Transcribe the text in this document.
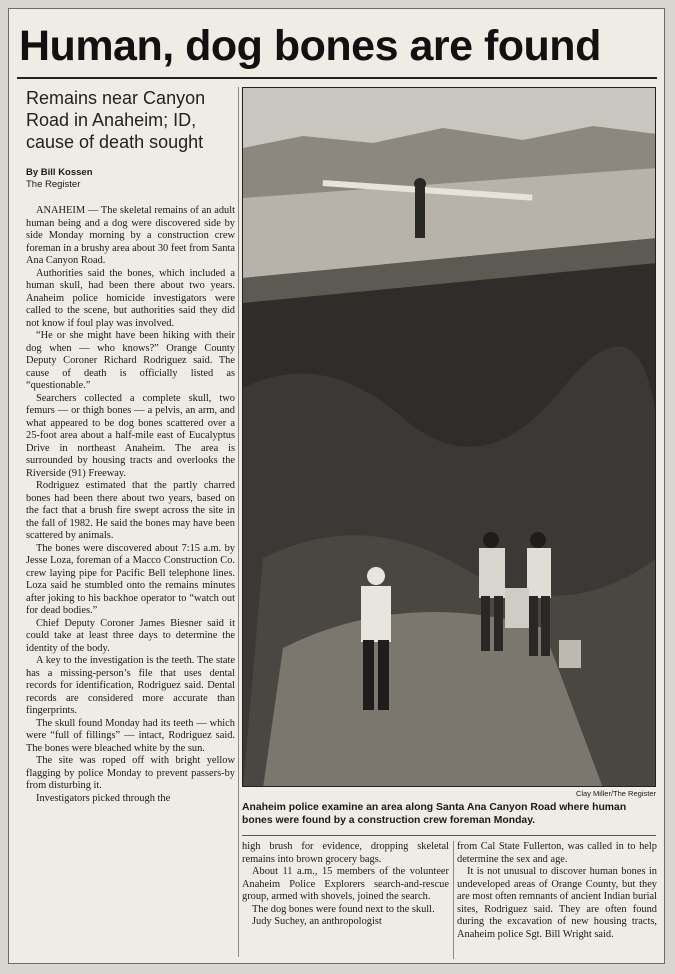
Human, dog bones are found
Remains near Canyon Road in Anaheim; ID, cause of death sought
By Bill Kossen
The Register

ANAHEIM — The skeletal remains of an adult human being and a dog were discovered side by side Monday morning by a construction crew foreman in a brushy area about 30 feet from Santa Ana Canyon Road.

Authorities said the bones, which included a human skull, had been there about two years. Anaheim police homicide investigators were called to the scene, but authorities said they did not know if foul play was involved.

“He or she might have been hiking with their dog when — who knows?” Orange County Deputy Coroner Richard Rodriguez said. The cause of death is officially listed as “questionable.”

Searchers collected a complete skull, two femurs — or thigh bones — a pelvis, an arm, and what appeared to be dog bones scattered over a 25-foot area about a half-mile east of Eucalyptus Drive in northeast Anaheim. The area is surrounded by housing tracts and overlooks the Riverside (91) Freeway.

Rodriguez estimated that the partly charred bones had been there about two years, based on the fact that a brush fire swept across the site in the fall of 1982. He said the bones may have been scattered by animals.

The bones were discovered about 7:15 a.m. by Jesse Loza, foreman of a Macco Construction Co. crew laying pipe for Pacific Bell telephone lines. Loza said he stumbled onto the remains minutes after joking to his backhoe operator to “watch out for dead bodies.”

Chief Deputy Coroner James Biesner said it could take at least three days to determine the identity of the body.

A key to the investigation is the teeth. The state has a missing-person’s file that uses dental records for identification, Rodriguez said. Dental records are considered more accurate than fingerprints.

The skull found Monday had its teeth — which were “full of fillings” — intact, Rodriguez said. The bones were bleached white by the sun.

The site was roped off with bright yellow flagging by police Monday to prevent passers-by from disturbing it.

Investigators picked through the	Clay Miller/The Register
Anaheim police examine an area along Santa Ana Canyon Road where human bones were found by a construction crew foreman Monday.

high brush for evidence, dropping skeletal remains into brown grocery bags.

About 11 a.m., 15 members of the volunteer Anaheim Police Explorers search-and-rescue group, armed with shovels, joined the search.

The dog bones were found next to the skull.

Judy Suchey, an anthropologist

from Cal State Fullerton, was called in to help determine the sex and age.

It is not unusual to discover human bones in undeveloped areas of Orange County, but they are most often remnants of ancient Indian burial sites, Rodriguez said. They are often found during the excavation of new housing tracts, Anaheim police Sgt. Bill Wright said.
